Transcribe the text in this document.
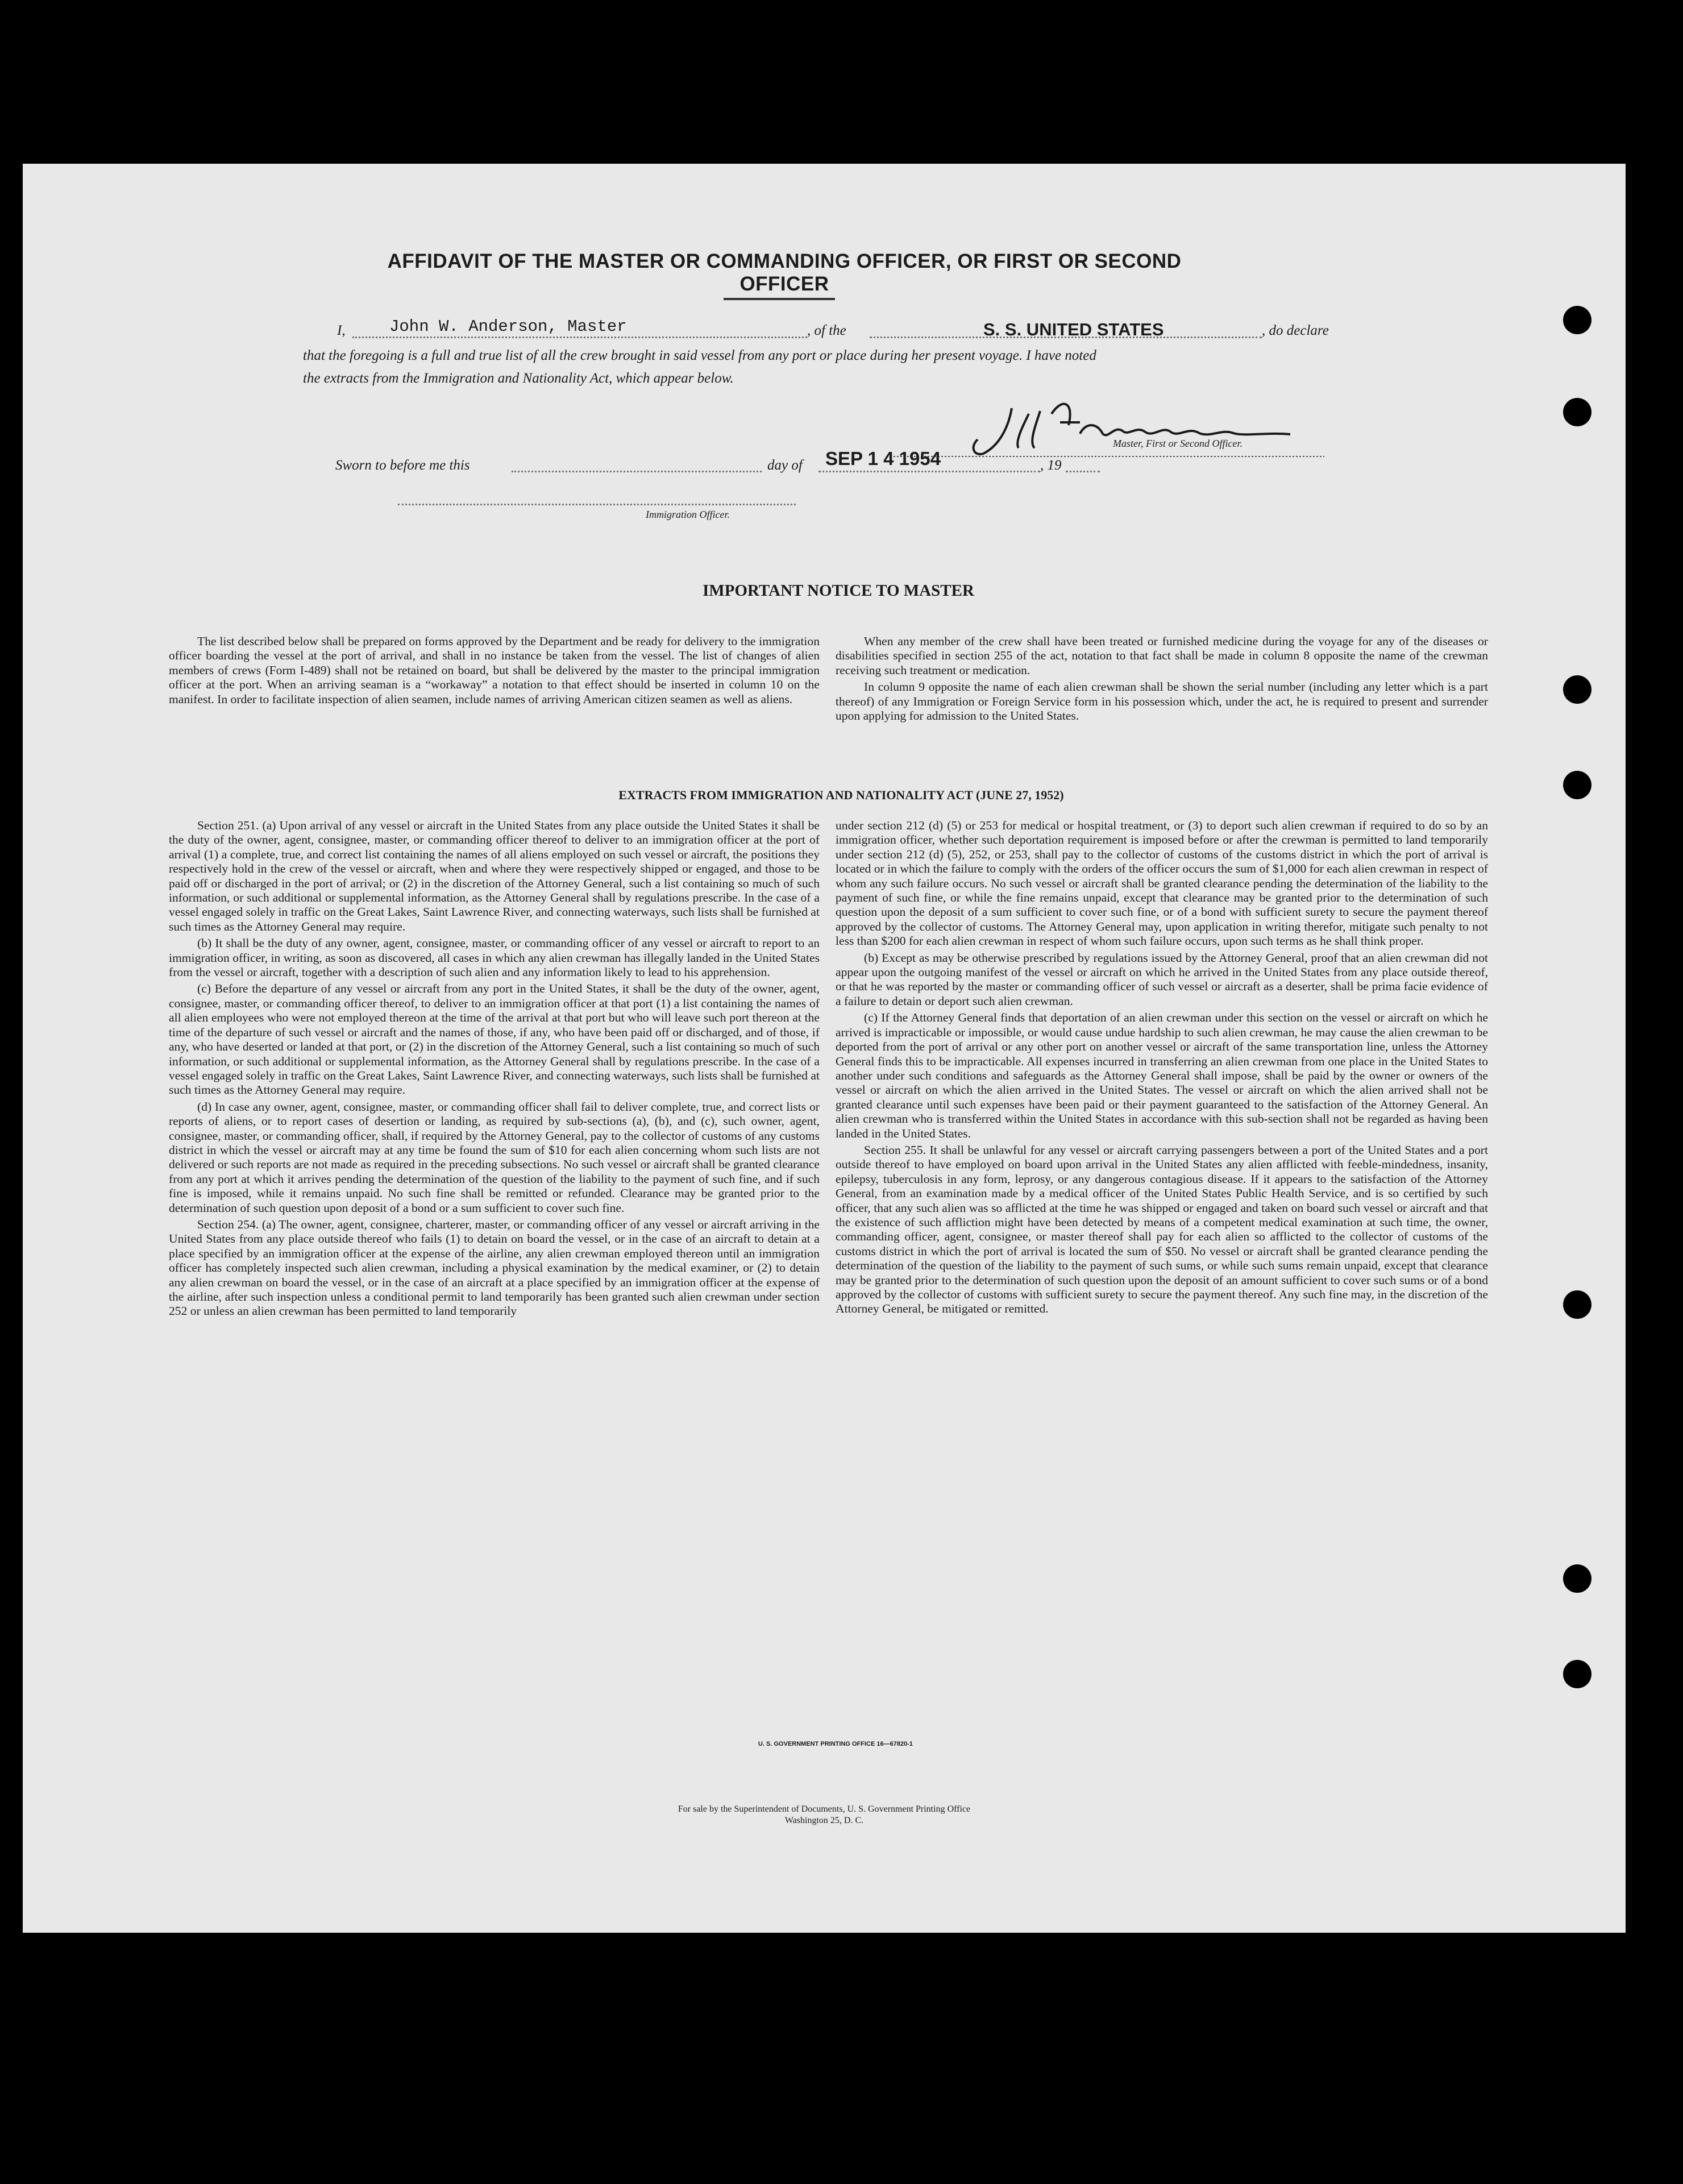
AFFIDAVIT OF THE MASTER OR COMMANDING OFFICER, OR FIRST OR SECOND OFFICER
I,	John W. Anderson, Master	, of the	S. S. UNITED STATES	, do declare
that the foregoing is a full and true list of all the crew brought in said vessel from any port or place during her present voyage. I have noted
the extracts from the Immigration and Nationality Act, which appear below.
Master, First or Second Officer.
Sworn to before me this	day of SEP 1 4 1954	, 19
Immigration Officer.
IMPORTANT NOTICE TO MASTER

The list described below shall be prepared on forms approved by the Department and be ready for delivery to the immigration officer boarding the vessel at the port of arrival, and shall in no instance be taken from the vessel. The list of changes of alien members of crews (Form I-489) shall not be retained on board, but shall be delivered by the master to the principal immigration officer at the port. When an arriving seaman is a “workaway” a notation to that effect should be inserted in column 10 on the manifest. In order to facilitate inspection of alien seamen, include names of arriving American citizen seamen as well as aliens.

When any member of the crew shall have been treated or furnished medicine during the voyage for any of the diseases or disabilities specified in section 255 of the act, notation to that fact shall be made in column 8 opposite the name of the crewman receiving such treatment or medication.

In column 9 opposite the name of each alien crewman shall be shown the serial number (including any letter which is a part thereof) of any Immigration or Foreign Service form in his possession which, under the act, he is required to present and surrender upon applying for admission to the United States.

EXTRACTS FROM IMMIGRATION AND NATIONALITY ACT (JUNE 27, 1952)

Section 251. (a) Upon arrival of any vessel or aircraft in the United States from any place outside the United States it shall be the duty of the owner, agent, consignee, master, or commanding officer thereof to deliver to an immigration officer at the port of arrival (1) a complete, true, and correct list containing the names of all aliens employed on such vessel or aircraft, the positions they respectively hold in the crew of the vessel or aircraft, when and where they were respectively shipped or engaged, and those to be paid off or discharged in the port of arrival; or (2) in the discretion of the Attorney General, such a list containing so much of such information, or such additional or supplemental information, as the Attorney General shall by regulations prescribe. In the case of a vessel engaged solely in traffic on the Great Lakes, Saint Lawrence River, and connecting waterways, such lists shall be furnished at such times as the Attorney General may require.

(b) It shall be the duty of any owner, agent, consignee, master, or commanding officer of any vessel or aircraft to report to an immigration officer, in writing, as soon as discovered, all cases in which any alien crewman has illegally landed in the United States from the vessel or aircraft, together with a description of such alien and any information likely to lead to his apprehension.

(c) Before the departure of any vessel or aircraft from any port in the United States, it shall be the duty of the owner, agent, consignee, master, or commanding officer thereof, to deliver to an immigration officer at that port (1) a list containing the names of all alien employees who were not employed thereon at the time of the arrival at that port but who will leave such port thereon at the time of the departure of such vessel or aircraft and the names of those, if any, who have been paid off or discharged, and of those, if any, who have deserted or landed at that port, or (2) in the discretion of the Attorney General, such a list containing so much of such information, or such additional or supplemental information, as the Attorney General shall by regulations prescribe. In the case of a vessel engaged solely in traffic on the Great Lakes, Saint Lawrence River, and connecting waterways, such lists shall be furnished at such times as the Attorney General may require.

(d) In case any owner, agent, consignee, master, or commanding officer shall fail to deliver complete, true, and correct lists or reports of aliens, or to report cases of desertion or landing, as required by sub-sections (a), (b), and (c), such owner, agent, consignee, master, or commanding officer, shall, if required by the Attorney General, pay to the collector of customs of any customs district in which the vessel or aircraft may at any time be found the sum of $10 for each alien concerning whom such lists are not delivered or such reports are not made as required in the preceding subsections. No such vessel or aircraft shall be granted clearance from any port at which it arrives pending the determination of the question of the liability to the payment of such fine, and if such fine is imposed, while it remains unpaid. No such fine shall be remitted or refunded. Clearance may be granted prior to the determination of such question upon deposit of a bond or a sum sufficient to cover such fine.

Section 254. (a) The owner, agent, consignee, charterer, master, or commanding officer of any vessel or aircraft arriving in the United States from any place outside thereof who fails (1) to detain on board the vessel, or in the case of an aircraft to detain at a place specified by an immigration officer at the expense of the airline, any alien crewman employed thereon until an immigration officer has completely inspected such alien crewman, including a physical examination by the medical examiner, or (2) to detain any alien crewman on board the vessel, or in the case of an aircraft at a place specified by an immigration officer at the expense of the airline, after such inspection unless a conditional permit to land temporarily has been granted such alien crewman under section 252 or unless an alien crewman has been permitted to land temporarily

under section 212 (d) (5) or 253 for medical or hospital treatment, or (3) to deport such alien crewman if required to do so by an immigration officer, whether such deportation requirement is imposed before or after the crewman is permitted to land temporarily under section 212 (d) (5), 252, or 253, shall pay to the collector of customs of the customs district in which the port of arrival is located or in which the failure to comply with the orders of the officer occurs the sum of $1,000 for each alien crewman in respect of whom any such failure occurs. No such vessel or aircraft shall be granted clearance pending the determination of the liability to the payment of such fine, or while the fine remains unpaid, except that clearance may be granted prior to the determination of such question upon the deposit of a sum sufficient to cover such fine, or of a bond with sufficient surety to secure the payment thereof approved by the collector of customs. The Attorney General may, upon application in writing therefor, mitigate such penalty to not less than $200 for each alien crewman in respect of whom such failure occurs, upon such terms as he shall think proper.

(b) Except as may be otherwise prescribed by regulations issued by the Attorney General, proof that an alien crewman did not appear upon the outgoing manifest of the vessel or aircraft on which he arrived in the United States from any place outside thereof, or that he was reported by the master or commanding officer of such vessel or aircraft as a deserter, shall be prima facie evidence of a failure to detain or deport such alien crewman.

(c) If the Attorney General finds that deportation of an alien crewman under this section on the vessel or aircraft on which he arrived is impracticable or impossible, or would cause undue hardship to such alien crewman, he may cause the alien crewman to be deported from the port of arrival or any other port on another vessel or aircraft of the same transportation line, unless the Attorney General finds this to be impracticable. All expenses incurred in transferring an alien crewman from one place in the United States to another under such conditions and safeguards as the Attorney General shall impose, shall be paid by the owner or owners of the vessel or aircraft on which the alien arrived in the United States. The vessel or aircraft on which the alien arrived shall not be granted clearance until such expenses have been paid or their payment guaranteed to the satisfaction of the Attorney General. An alien crewman who is transferred within the United States in accordance with this sub-section shall not be regarded as having been landed in the United States.

Section 255. It shall be unlawful for any vessel or aircraft carrying passengers between a port of the United States and a port outside thereof to have employed on board upon arrival in the United States any alien afflicted with feeble-mindedness, insanity, epilepsy, tuberculosis in any form, leprosy, or any dangerous contagious disease. If it appears to the satisfaction of the Attorney General, from an examination made by a medical officer of the United States Public Health Service, and is so certified by such officer, that any such alien was so afflicted at the time he was shipped or engaged and taken on board such vessel or aircraft and that the existence of such affliction might have been detected by means of a competent medical examination at such time, the owner, commanding officer, agent, consignee, or master thereof shall pay for each alien so afflicted to the collector of customs of the customs district in which the port of arrival is located the sum of $50. No vessel or aircraft shall be granted clearance pending the determination of the question of the liability to the payment of such sums, or while such sums remain unpaid, except that clearance may be granted prior to the determination of such question upon the deposit of an amount sufficient to cover such sums or of a bond approved by the collector of customs with sufficient surety to secure the payment thereof. Any such fine may, in the discretion of the Attorney General, be mitigated or remitted.

U. S. GOVERNMENT PRINTING OFFICE 16—67820-1
For sale by the Superintendent of Documents, U. S. Government Printing Office
Washington 25, D. C.
